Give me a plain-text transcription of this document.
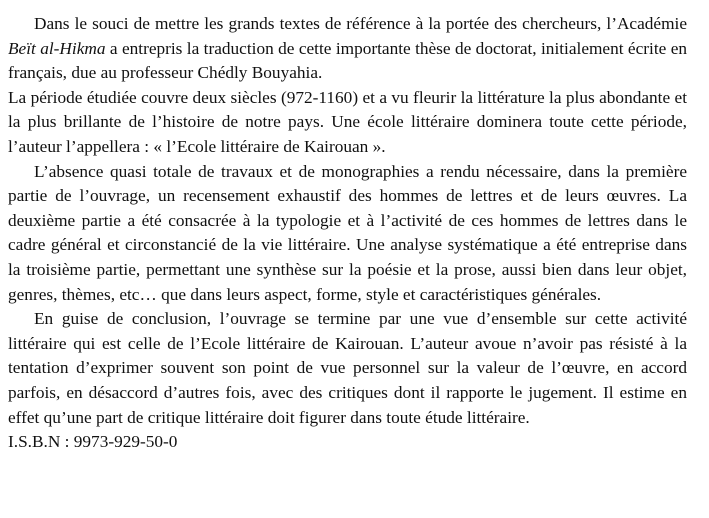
Dans le souci de mettre les grands textes de référence à la portée des chercheurs, l’Académie Beït al-Hikma a entrepris la traduction de cette importante thèse de doctorat, initialement écrite en français, due au professeur Chédly Bouyahia.

La période étudiée couvre deux siècles (972-1160) et a vu fleurir la littérature la plus abondante et la plus brillante de l’histoire de notre pays. Une école littéraire dominera toute cette période, l’auteur l’appellera : « l’Ecole littéraire de Kairouan ».

L’absence quasi totale de travaux et de monographies a rendu nécessaire, dans la première partie de l’ouvrage, un recensement exhaustif des hommes de lettres et de leurs œuvres. La deuxième partie a été consacrée à la typologie et à l’activité de ces hommes de lettres dans le cadre général et circonstancié de la vie littéraire. Une analyse systématique a été entreprise dans la troisième partie, permettant une synthèse sur la poésie et la prose, aussi bien dans leur objet, genres, thèmes, etc… que dans leurs aspect, forme, style et caractéristiques générales.

En guise de conclusion, l’ouvrage se termine par une vue d’ensemble sur cette activité littéraire qui est celle de l’Ecole littéraire de Kairouan. L’auteur avoue n’avoir pas résisté à la tentation d’exprimer souvent son point de vue personnel sur la valeur de l’œuvre, en accord parfois, en désaccord d’autres fois, avec des critiques dont il rapporte le jugement. Il estime en effet qu’une part de critique littéraire doit figurer dans toute étude littéraire.

I.S.B.N : 9973-929-50-0
